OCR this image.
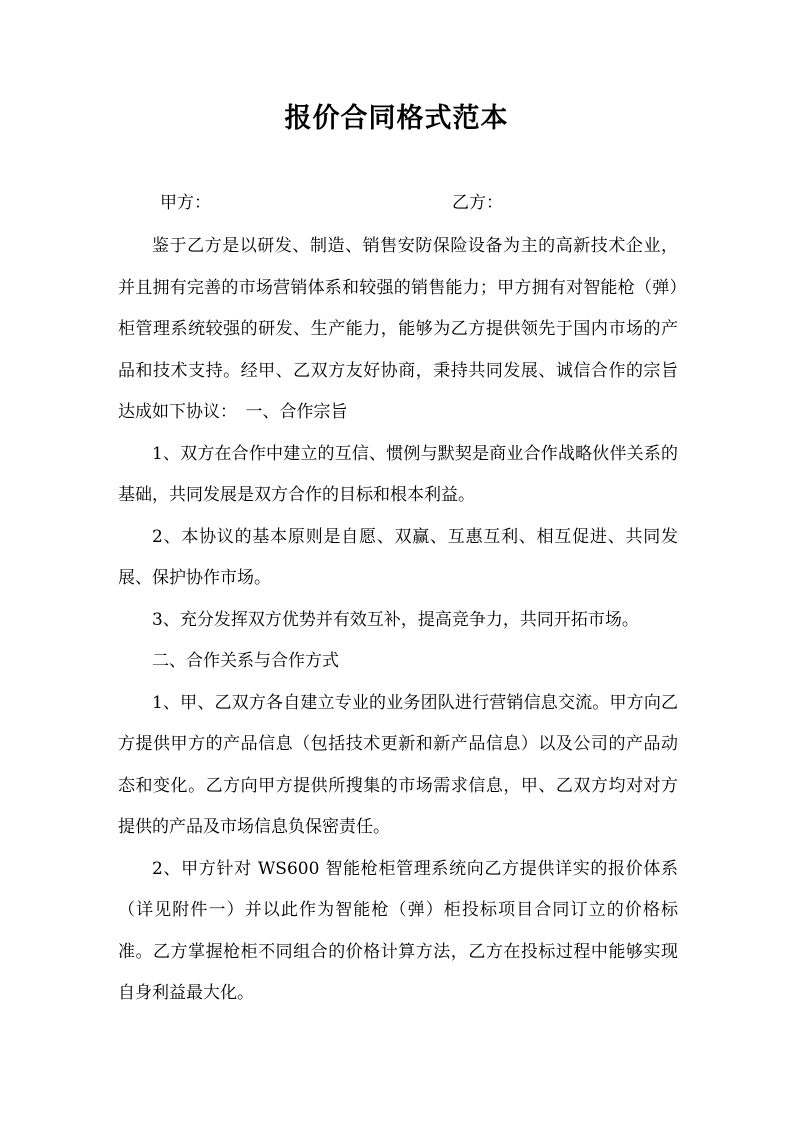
报价合同格式范本
甲方：	乙方：

鉴于乙方是以研发、制造、销售安防保险设备为主的高新技术企业，并且拥有完善的市场营销体系和较强的销售能力；甲方拥有对智能枪（弹）柜管理系统较强的研发、生产能力，能够为乙方提供领先于国内市场的产品和技术支持。经甲、乙双方友好协商，秉持共同发展、诚信合作的宗旨达成如下协议：　一、合作宗旨

1、双方在合作中建立的互信、惯例与默契是商业合作战略伙伴关系的基础，共同发展是双方合作的目标和根本利益。

2、本协议的基本原则是自愿、双赢、互惠互利、相互促进、共同发展、保护协作市场。

3、充分发挥双方优势并有效互补，提高竞争力，共同开拓市场。

二、合作关系与合作方式

1、甲、乙双方各自建立专业的业务团队进行营销信息交流。甲方向乙方提供甲方的产品信息（包括技术更新和新产品信息）以及公司的产品动态和变化。乙方向甲方提供所搜集的市场需求信息，甲、乙双方均对对方提供的产品及市场信息负保密责任。

2、甲方针对 WS600 智能枪柜管理系统向乙方提供详实的报价体系（详见附件一）并以此作为智能枪（弹）柜投标项目合同订立的价格标准。乙方掌握枪柜不同组合的价格计算方法，乙方在投标过程中能够实现自身利益最大化。
